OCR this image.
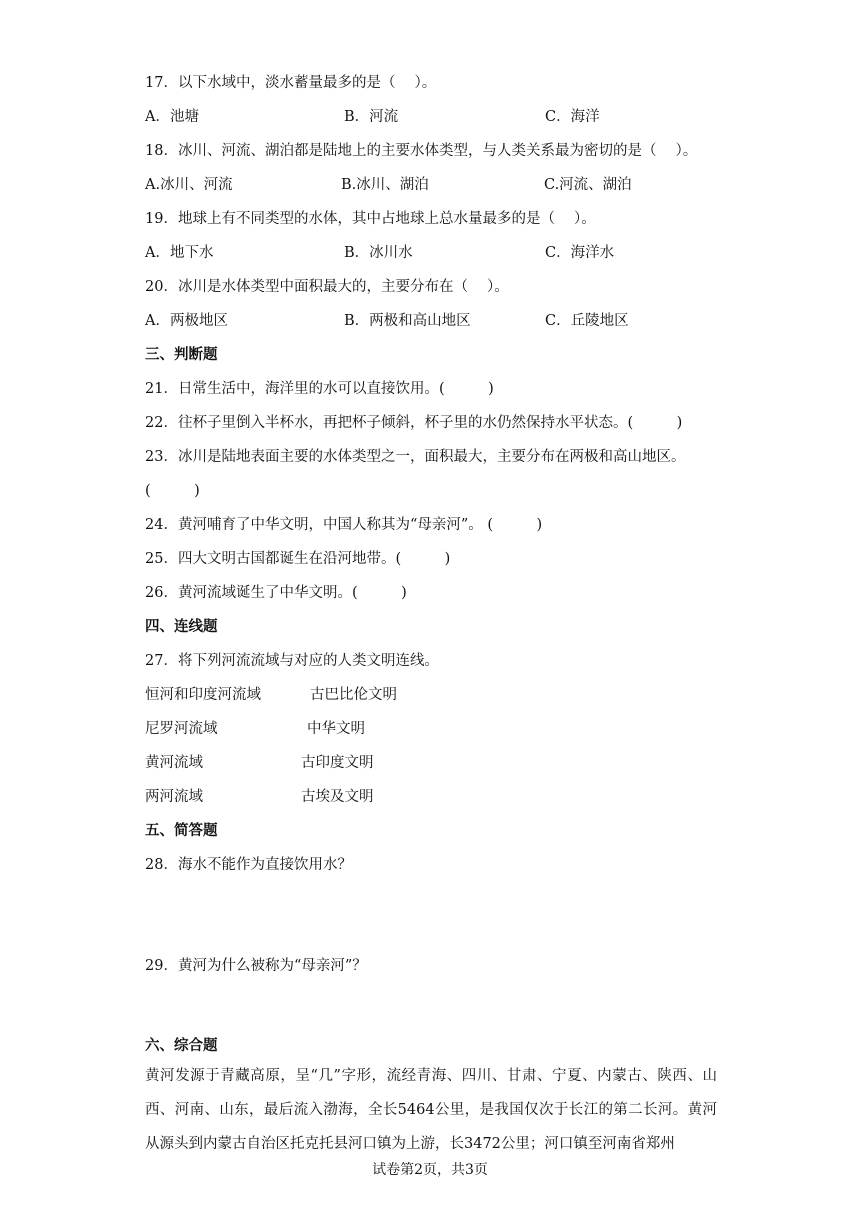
17．以下水域中，淡水蓄量最多的是（　 ）。
A．池塘	B．河流	C．海洋
18．冰川、河流、湖泊都是陆地上的主要水体类型，与人类关系最为密切的是（　 ）。
A.冰川、河流	B.冰川、湖泊	C.河流、湖泊
19．地球上有不同类型的水体，其中占地球上总水量最多的是（　 ）。
A．地下水	B．冰川水	C．海洋水
20．冰川是水体类型中面积最大的，主要分布在（　 ）。
A．两极地区	B．两极和高山地区	C．丘陵地区
三、判断题
21．日常生活中，海洋里的水可以直接饮用。(　　　)
22．往杯子里倒入半杯水，再把杯子倾斜，杯子里的水仍然保持水平状态。(　　　)
23．冰川是陆地表面主要的水体类型之一，面积最大，主要分布在两极和高山地区。
(　　　)
24．黄河哺育了中华文明，中国人称其为“母亲河”。 (　　　)
25．四大文明古国都诞生在沿河地带。(　　　)
26．黄河流域诞生了中华文明。(　　　)
四、连线题
27．将下列河流流域与对应的人类文明连线。
恒河和印度河流域	古巴比伦文明
尼罗河流域	中华文明
黄河流域	古印度文明
两河流域	古埃及文明
五、简答题
28．海水不能作为直接饮用水？
29．黄河为什么被称为“母亲河”？
六、综合题
黄河发源于青藏高原，呈“几”字形，流经青海、四川、甘肃、宁夏、内蒙古、陕西、山西、河南、山东，最后流入渤海，全长5464公里，是我国仅次于长江的第二长河。黄河从源头到内蒙古自治区托克托县河口镇为上游，长3472公里；河口镇至河南省郑州
试卷第2页，共3页
